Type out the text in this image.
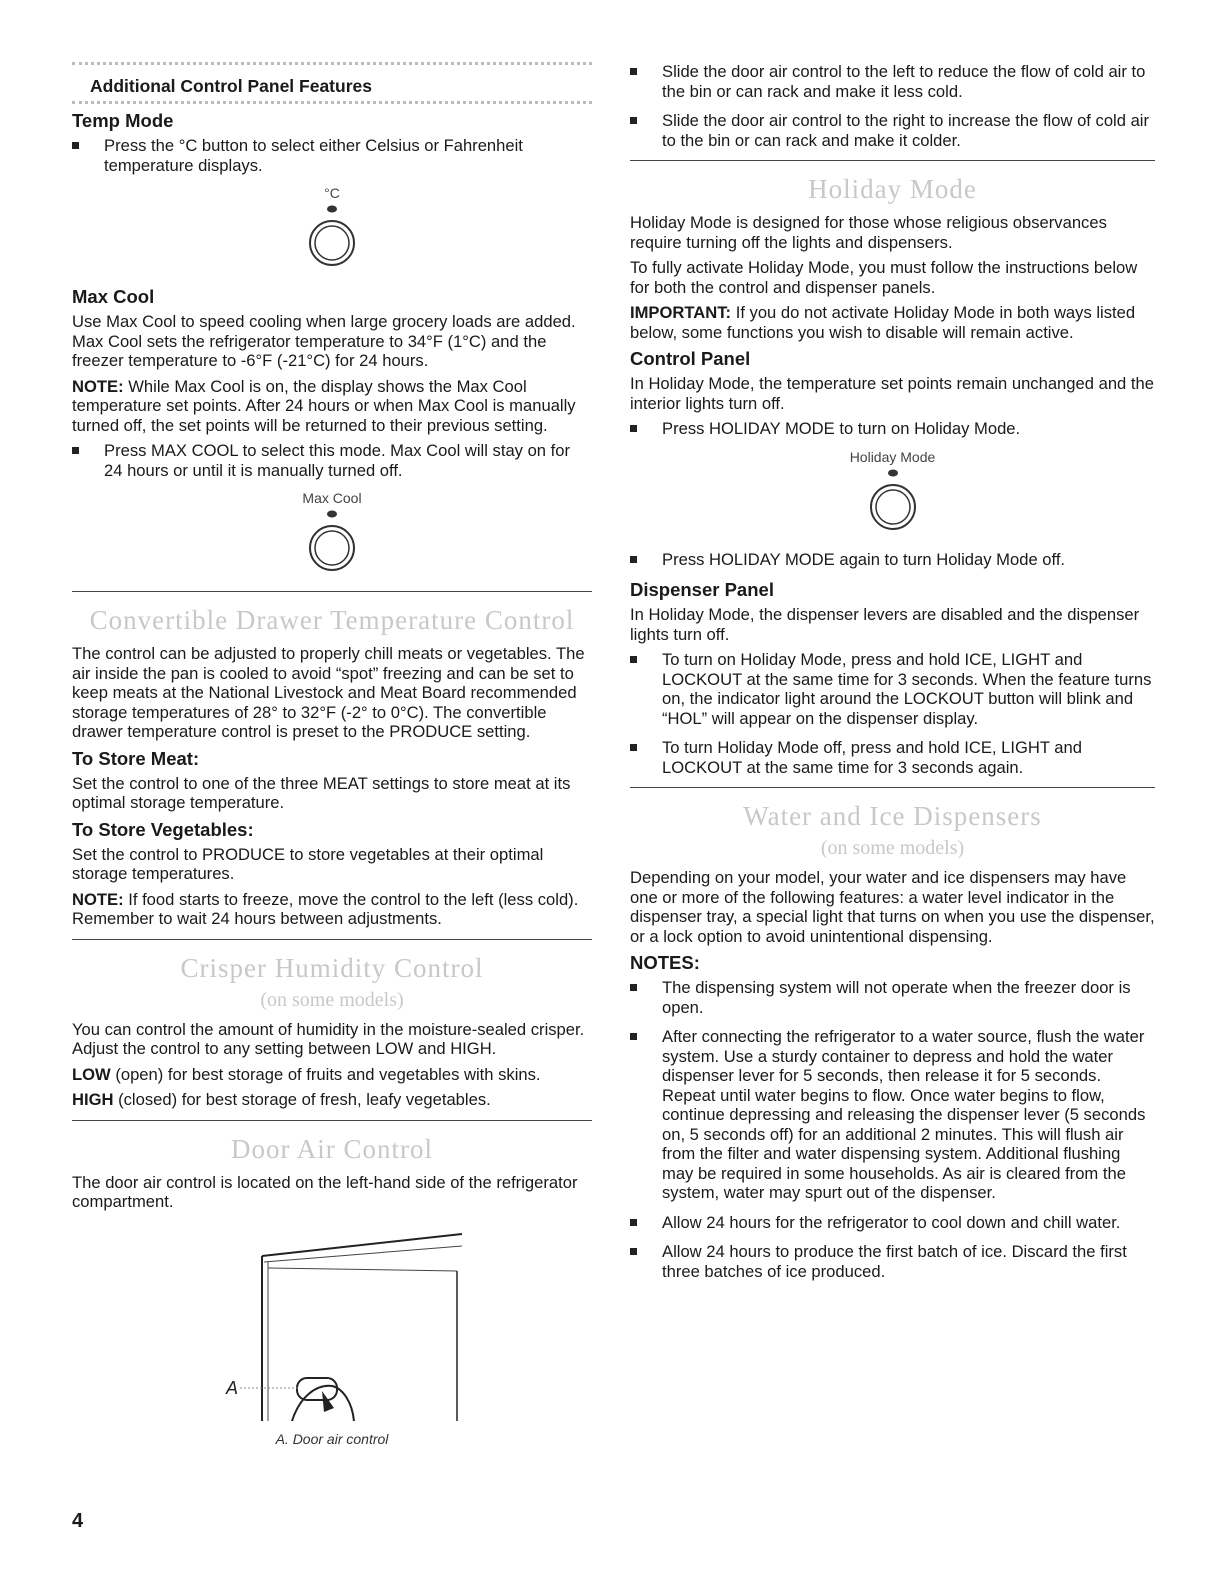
Additional Control Panel Features
Temp Mode
Press the °C button to select either Celsius or Fahrenheit temperature displays.
°C
Max Cool

Use Max Cool to speed cooling when large grocery loads are added. Max Cool sets the refrigerator temperature to 34°F (1°C) and the freezer temperature to -6°F (-21°C) for 24 hours.

NOTE: While Max Cool is on, the display shows the Max Cool temperature set points. After 24 hours or when Max Cool is manually turned off, the set points will be returned to their previous setting.

Press MAX COOL to select this mode. Max Cool will stay on for 24 hours or until it is manually turned off.
Max Cool
Convertible Drawer Temperature Control

The control can be adjusted to properly chill meats or vegetables. The air inside the pan is cooled to avoid “spot” freezing and can be set to keep meats at the National Livestock and Meat Board recommended storage temperatures of 28° to 32°F (-2° to 0°C). The convertible drawer temperature control is preset to the PRODUCE setting.

To Store Meat:

Set the control to one of the three MEAT settings to store meat at its optimal storage temperature.

To Store Vegetables:

Set the control to PRODUCE to store vegetables at their optimal storage temperatures.

NOTE: If food starts to freeze, move the control to the left (less cold). Remember to wait 24 hours between adjustments.

Crisper Humidity Control
(on some models)

You can control the amount of humidity in the moisture-sealed crisper. Adjust the control to any setting between LOW and HIGH.

LOW (open) for best storage of fruits and vegetables with skins.

HIGH (closed) for best storage of fresh, leafy vegetables.

Door Air Control

The door air control is located on the left-hand side of the refrigerator compartment.

A
A. Door air control
Slide the door air control to the left to reduce the flow of cold air to the bin or can rack and make it less cold.
Slide the door air control to the right to increase the flow of cold air to the bin or can rack and make it colder.
Holiday Mode

Holiday Mode is designed for those whose religious observances require turning off the lights and dispensers.

To fully activate Holiday Mode, you must follow the instructions below for both the control and dispenser panels.

IMPORTANT: If you do not activate Holiday Mode in both ways listed below, some functions you wish to disable will remain active.

Control Panel

In Holiday Mode, the temperature set points remain unchanged and the interior lights turn off.

Press HOLIDAY MODE to turn on Holiday Mode.
Holiday Mode
Press HOLIDAY MODE again to turn Holiday Mode off.
Dispenser Panel

In Holiday Mode, the dispenser levers are disabled and the dispenser lights turn off.

To turn on Holiday Mode, press and hold ICE, LIGHT and LOCKOUT at the same time for 3 seconds. When the feature turns on, the indicator light around the LOCKOUT button will blink and “HOL” will appear on the dispenser display.
To turn Holiday Mode off, press and hold ICE, LIGHT and LOCKOUT at the same time for 3 seconds again.
Water and Ice Dispensers
(on some models)

Depending on your model, your water and ice dispensers may have one or more of the following features: a water level indicator in the dispenser tray, a special light that turns on when you use the dispenser, or a lock option to avoid unintentional dispensing.

NOTES:
The dispensing system will not operate when the freezer door is open.
After connecting the refrigerator to a water source, flush the water system. Use a sturdy container to depress and hold the water dispenser lever for 5 seconds, then release it for 5 seconds. Repeat until water begins to flow. Once water begins to flow, continue depressing and releasing the dispenser lever (5 seconds on, 5 seconds off) for an additional 2 minutes. This will flush air from the filter and water dispensing system. Additional flushing may be required in some households. As air is cleared from the system, water may spurt out of the dispenser.
Allow 24 hours for the refrigerator to cool down and chill water.
Allow 24 hours to produce the first batch of ice. Discard the first three batches of ice produced.
4
